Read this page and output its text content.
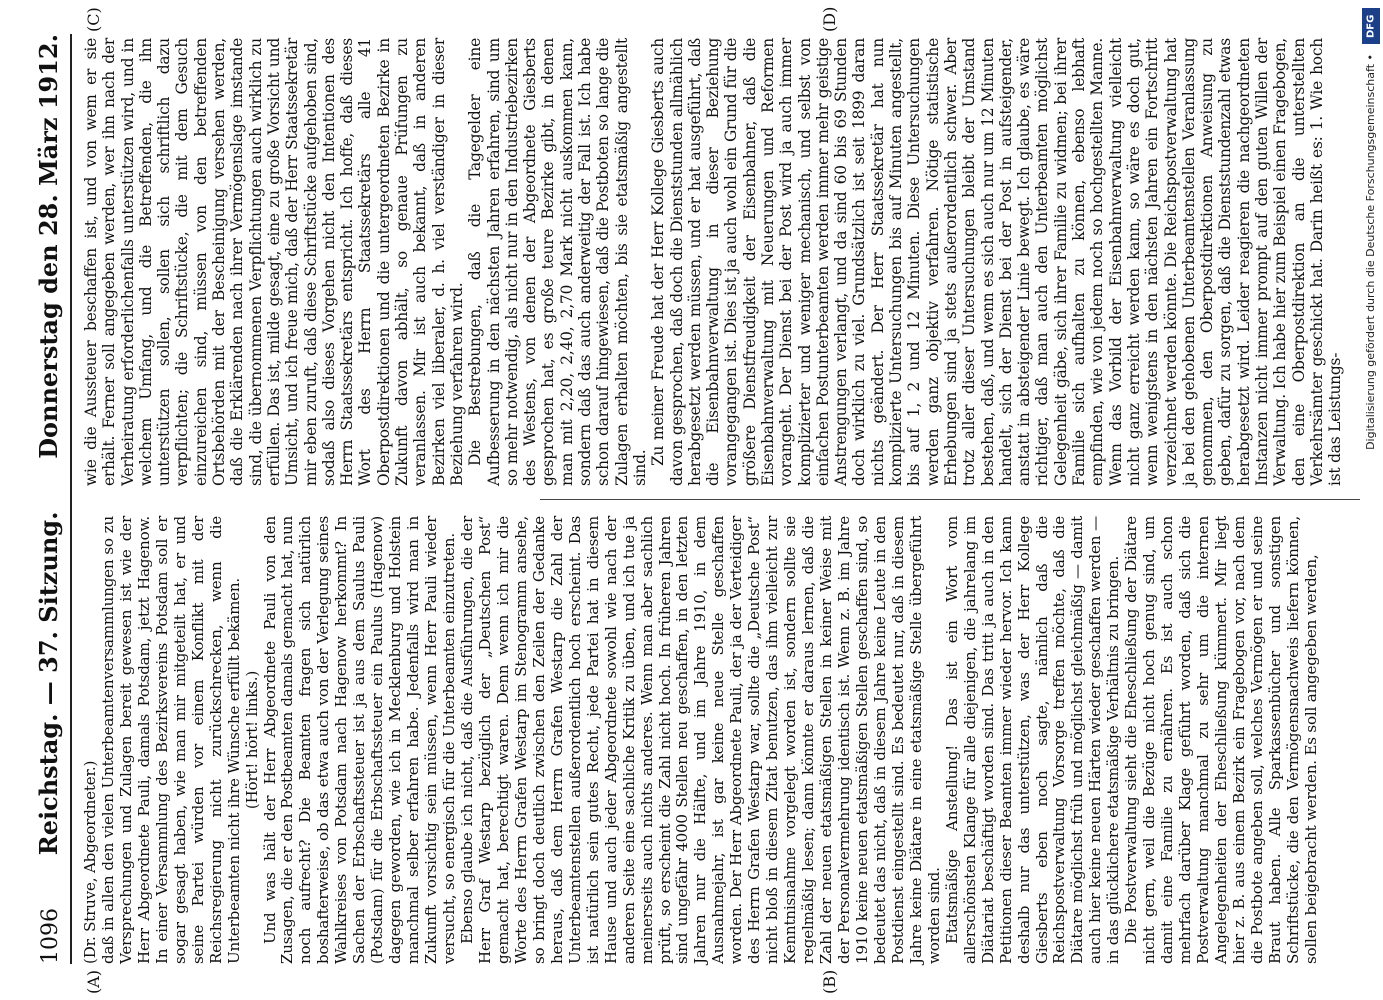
1096
Reichstag. — 37. Sitzung.
Donnerstag den 28. März 1912.

(Dr. Struve, Abgeordneter.) daß in allen den vielen Unterbeamtenversammlungen so zu Versprechungen und Zulagen bereit gewesen ist wie der Herr Abgeordnete Pauli, damals Potsdam, jetzt Hagenow. In einer Versammlung des Bezirksvereins Potsdam soll er sogar gesagt haben, wie man mir mitgeteilt hat, er und seine Partei würden vor einem Konflikt mit der Reichsregierung nicht zurückschrecken, wenn die Unterbeamten nicht ihre Wünsche erfüllt bekämen. (Hört! hört! links.) Und was hält der Herr Abgeordnete Pauli von den Zusagen, die er den Postbeamten damals gemacht hat, nun noch aufrecht? Die Beamten fragen sich natürlich boshafterweise, ob das etwa auch von der Verlegung seines Wahlkreises von Potsdam nach Hagenow herkommt? In Sachen der Erbschaftssteuer ist ja aus dem Saulus Pauli (Potsdam) für die Erbschaftssteuer ein Paulus (Hagenow) dagegen geworden, wie ich in Mecklenburg und Holstein manchmal selber erfahren habe. Jedenfalls wird man in Zukunft vorsichtig sein müssen, wenn Herr Pauli wieder versucht, so energisch für die Unterbeamten einzutreten. Ebenso glaube ich nicht, daß die Ausführungen, die der Herr Graf Westarp bezüglich der „Deutschen Post“ gemacht hat, berechtigt waren. Denn wenn ich mir die Worte des Herrn Grafen Westarp im Stenogramm ansehe, so bringt doch deutlich zwischen den Zeilen der Gedanke heraus, daß dem Herrn Grafen Westarp die Zahl der Unterbeamtenstellen außerordentlich hoch erscheint. Das ist natürlich sein gutes Recht, jede Partei hat in diesem Hause und auch jeder Abgeordnete sowohl wie nach der anderen Seite eine sachliche Kritik zu üben, und ich tue ja meinerseits auch nichts anderes. Wenn man aber sachlich prüft, so erscheint die Zahl nicht hoch. In früheren Jahren sind ungefähr 4000 Stellen neu geschaffen, in den letzten Jahren nur die Hälfte, und im Jahre 1910, in dem Ausnahmejahr, ist gar keine neue Stelle geschaffen worden. Der Herr Abgeordnete Pauli, der ja der Verteidiger des Herrn Grafen Westarp war, sollte die „Deutsche Post“ nicht bloß in diesem Zitat benutzen, das ihm vielleicht zur Kenntnisnahme vorgelegt worden ist, sondern sollte sie regelmäßig lesen; dann könnte er daraus lernen, daß die Zahl der neuen etatsmäßigen Stellen in keiner Weise mit der Personalvermehrung identisch ist. Wenn z. B. im Jahre 1910 keine neuen etatsmäßigen Stellen geschaffen sind, so bedeutet das nicht, daß in diesem Jahre keine Leute in den Postdienst eingestellt sind. Es bedeutet nur, daß in diesem Jahre keine Diätare in eine etatsmäßige Stelle übergeführt worden sind. Etatsmäßige Anstellung! Das ist ein Wort vom allerschönsten Klange für alle diejenigen, die jahrelang im Diätariat beschäftigt worden sind. Das tritt ja auch in den Petitionen dieser Beamten immer wieder hervor. Ich kann deshalb nur das unterstützen, was der Herr Kollege Giesberts eben noch sagte, nämlich daß die Reichspostverwaltung Vorsorge treffen möchte, daß die Diätare möglichst früh und möglichst gleichmäßig — damit auch hier keine neuen Härten wieder geschaffen werden — in das glücklichere etatsmäßige Verhältnis zu bringen. Die Postverwaltung sieht die Eheschließung der Diätare nicht gern, weil die Bezüge nicht hoch genug sind, um damit eine Familie zu ernähren. Es ist auch schon mehrfach darüber Klage geführt worden, daß sich die Postverwaltung manchmal zu sehr um die internen Angelegenheiten der Eheschließung kümmert. Mir liegt hier z. B. aus einem Bezirk ein Fragebogen vor, nach dem die Postbote angeben soll, welches Vermögen er und seine Braut haben. Alle Sparkassenbücher und sonstigen Schriftstücke, die den Vermögensnachweis liefern können, sollen beigebracht werden. Es soll angegeben werden,

wie die Aussteuer beschaffen ist, und von wem er sie erhält. Ferner soll angegeben werden, wer ihn nach der Verheiratung erforderlichenfalls unterstützen wird, und in welchem Umfang, und die Betreffenden, die ihn unterstützen sollen, sollen sich schriftlich dazu verpflichten; die Schriftstücke, die mit dem Gesuch einzureichen sind, müssen von den betreffenden Ortsbehörden mit der Bescheinigung versehen werden, daß die Erklärenden nach ihrer Vermögenslage imstande sind, die übernommenen Verpflichtungen auch wirklich zu erfüllen. Das ist, milde gesagt, eine zu große Vorsicht und Umsicht, und ich freue mich, daß der Herr Staatssekretär mir eben zuruft, daß diese Schriftstücke aufgehoben sind, sodaß also dieses Vorgehen nicht den Intentionen des Herrn Staatssekretärs entspricht. Ich hoffe, daß dieses Wort des Herrn Staatssekretärs alle 41 Oberpostdirektionen und die untergeordneten Bezirke in Zukunft davon abhält, so genaue Prüfungen zu veranlassen. Mir ist auch bekannt, daß in anderen Bezirken viel liberaler, d. h. viel verständiger in dieser Beziehung verfahren wird. Die Bestrebungen, daß die Tagegelder eine Aufbesserung in den nächsten Jahren erfahren, sind um so mehr notwendig, als nicht nur in den Industriebezirken des Westens, von denen der Abgeordnete Giesberts gesprochen hat, es große teure Bezirke gibt, in denen man mit 2,20, 2,40, 2,70 Mark nicht auskommen kann, sondern daß das auch anderweitig der Fall ist. Ich habe schon darauf hingewiesen, daß die Postboten so lange die Zulagen erhalten möchten, bis sie etatsmäßig angestellt sind.

Zu meiner Freude hat der Herr Kollege Giesberts auch davon gesprochen, daß doch die Dienststunden allmählich herabgesetzt werden müssen, und er hat ausgeführt, daß die Eisenbahnverwaltung in dieser Beziehung vorangegangen ist. Dies ist ja auch wohl ein Grund für die größere Dienstfreudigkeit der Eisenbahner, daß die Eisenbahnverwaltung mit Neuerungen und Reformen vorangeht. Der Dienst bei der Post wird ja auch immer komplizierter und weniger mechanisch, und selbst von einfachen Postunterbeamten werden immer mehr geistige Anstrengungen verlangt, und da sind 60 bis 69 Stunden doch wirklich zu viel. Grundsätzlich ist seit 1899 daran nichts geändert. Der Herr Staatssekretär hat nun komplizierte Untersuchungen bis auf Minuten angestellt, bis auf 1, 2 und 12 Minuten. Diese Untersuchungen werden ganz objektiv verfahren. Nötige statistische Erhebungen sind ja stets außerordentlich schwer. Aber trotz aller dieser Untersuchungen bleibt der Umstand bestehen, daß, und wenn es sich auch nur um 12 Minuten handelt, sich der Dienst bei der Post in aufsteigender, anstatt in absteigender Linie bewegt. Ich glaube, es wäre richtiger, daß man auch den Unterbeamten möglichst Gelegenheit gäbe, sich ihrer Familie zu widmen; bei ihrer Familie sich aufhalten zu können, ebenso lebhaft empfinden, wie von jedem noch so hochgestellten Manne. Wenn das Vorbild der Eisenbahnverwaltung vielleicht nicht ganz erreicht werden kann, so wäre es doch gut, wenn wenigstens in den nächsten Jahren ein Fortschritt verzeichnet werden könnte. Die Reichspostverwaltung hat ja bei den gehobenen Unterbeamtenstellen Veranlassung genommen, den Oberpostdirektionen Anweisung zu geben, dafür zu sorgen, daß die Dienststundenzahl etwas herabgesetzt wird. Leider reagieren die nachgeordneten Instanzen nicht immer prompt auf den guten Willen der Verwaltung. Ich habe hier zum Beispiel einen Fragebogen, den eine Oberpostdirektion an die unterstellten Verkehrsämter geschickt hat. Darin heißt es: 1. Wie hoch ist das Leistungs-

(A)	(B)
(C)	(D)	DFG
Digitalisierung gefördert durch die Deutsche Forschungsgemeinschaft •
